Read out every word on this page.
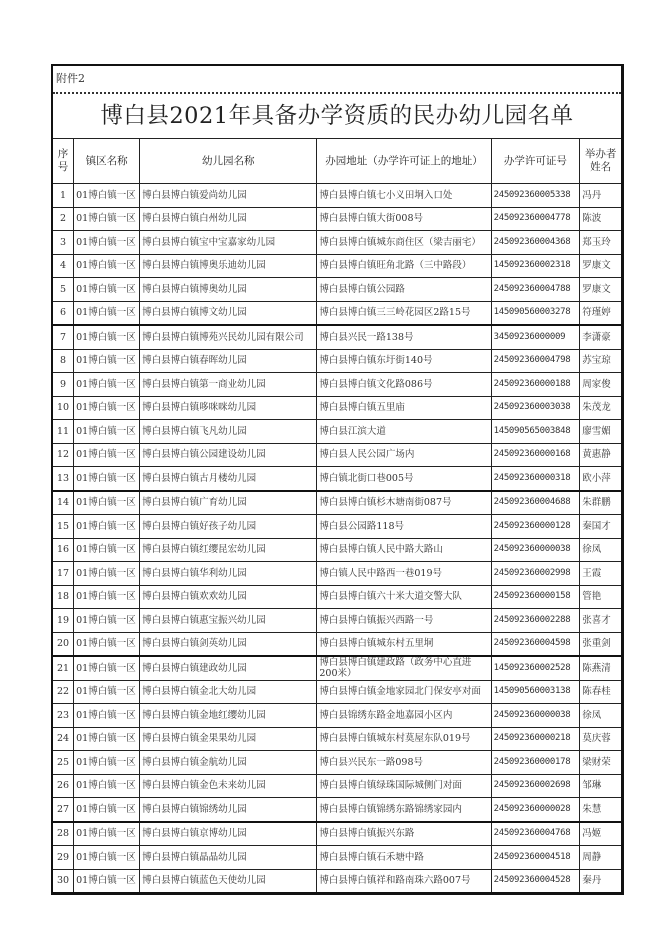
附件2
博白县2021年具备办学资质的民办幼儿园名单
序号	镇区名称	幼儿园名称	办园地址（办学许可证上的地址）	办学许可证号	举办者姓名
1	01博白镇一区	博白县博白镇爱尚幼儿园	博白县博白镇七小义田垌入口处	245092360005338	冯丹
2	01博白镇一区	博白县博白镇白州幼儿园	博白县博白镇大街008号	245092360004778	陈波
3	01博白镇一区	博白县博白镇宝中宝嘉家幼儿园	博白县博白镇城东商住区（梁吉丽宅）	245092360004368	郑玉玲
4	01博白镇一区	博白县博白镇博奥乐迪幼儿园	博白县博白镇旺角北路（三中路段）	145092360002318	罗康文
5	01博白镇一区	博白县博白镇博奥幼儿园	博白县博白镇公园路	245092360004788	罗康文
6	01博白镇一区	博白县博白镇博文幼儿园	博白县博白镇三三岭花园区2路15号	145090560003278	符瑾婷
7	01博白镇一区	博白县博白镇博苑兴民幼儿园有限公司	博白县兴民一路138号	34509236000009	李潇豪
8	01博白镇一区	博白县博白镇春晖幼儿园	博白县博白镇东圩街140号	245092360004798	苏宝琼
9	01博白镇一区	博白县博白镇第一商业幼儿园	博白县博白镇文化路086号	245092360000188	周家俊
10	01博白镇一区	博白县博白镇哆咪咪幼儿园	博白县博白镇五里庙	245092360003038	朱茂龙
11	01博白镇一区	博白县博白镇飞凡幼儿园	博白县江滨大道	145090565003848	廖雪媚
12	01博白镇一区	博白县博白镇公园建设幼儿园	博白县人民公园广场内	245092360000168	黄惠静
13	01博白镇一区	博白县博白镇古月楼幼儿园	博白镇北街口巷005号	245092360000318	欧小萍
14	01博白镇一区	博白县博白镇广育幼儿园	博白县博白镇杉木塘南街087号	245092360004688	朱群鹏
15	01博白镇一区	博白县博白镇好孩子幼儿园	博白县公园路118号	245092360000128	秦国才
16	01博白镇一区	博白县博白镇红缨昆宏幼儿园	博白县博白镇人民中路大路山	245092360000038	徐凤
17	01博白镇一区	博白县博白镇华利幼儿园	博白镇人民中路西一巷019号	245092360002998	王霞
18	01博白镇一区	博白县博白镇欢欢幼儿园	博白县博白镇六十米大道交警大队	245092360000158	管艳
19	01博白镇一区	博白县博白镇惠宝振兴幼儿园	博白县博白镇振兴西路一号	245092360002288	张喜才
20	01博白镇一区	博白县博白镇剑英幼儿园	博白县博白镇城东村五里垌	245092360004598	张重剑
21	01博白镇一区	博白县博白镇建政幼儿园	博白县博白镇建政路（政务中心直进200米）	145092360002528	陈燕清
22	01博白镇一区	博白县博白镇金北大幼儿园	博白县博白镇金地家园北门保安亭对面	145090560003138	陈春桂
23	01博白镇一区	博白县博白镇金地红缨幼儿园	博白县锦绣东路金地嘉园小区内	245092360000038	徐凤
24	01博白镇一区	博白县博白镇金果果幼儿园	博白县博白镇城东村莫屋东队019号	245092360000218	莫庆蓉
25	01博白镇一区	博白县博白镇金航幼儿园	博白县兴民东一路098号	245092360000178	梁财荣
26	01博白镇一区	博白县博白镇金色未来幼儿园	博白县博白镇绿珠国际城侧门对面	245092360002698	邹琳
27	01博白镇一区	博白县博白镇锦绣幼儿园	博白县博白镇锦绣东路锦绣家园内	245092360000028	朱慧
28	01博白镇一区	博白县博白镇京博幼儿园	博白县博白镇振兴东路	245092360004768	冯姬
29	01博白镇一区	博白县博白镇晶晶幼儿园	博白县博白镇石禾塘中路	245092360004518	周静
30	01博白镇一区	博白县博白镇蓝色天使幼儿园	博白县博白镇祥和路南珠六路007号	245092360004528	秦丹
